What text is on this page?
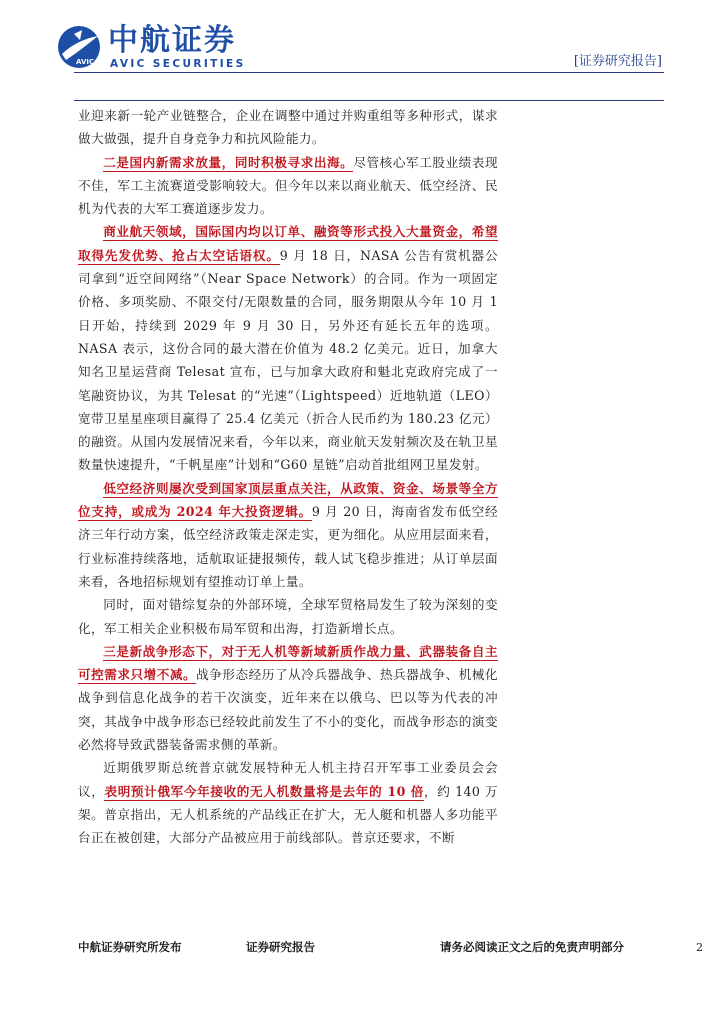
AVIC
中航证券
AVIC SECURITIES	[证券研究报告]

业迎来新一轮产业链整合，企业在调整中通过并购重组等多种形式，谋求做大做强，提升自身竞争力和抗风险能力。

二是国内新需求放量，同时积极寻求出海。尽管核心军工股业绩表现不佳，军工主流赛道受影响较大。但今年以来以商业航天、低空经济、民机为代表的大军工赛道逐步发力。

商业航天领域，国际国内均以订单、融资等形式投入大量资金，希望取得先发优势、抢占太空话语权。9 月 18 日，NASA 公告有赏机器公司拿到“近空间网络”（Near Space Network）的合同。作为一项固定价格、多项奖励、不限交付/无限数量的合同，服务期限从今年 10 月 1 日开始，持续到 2029 年 9 月 30 日，另外还有延长五年的选项。NASA 表示，这份合同的最大潜在价值为 48.2 亿美元。近日，加拿大知名卫星运营商 Telesat 宣布，已与加拿大政府和魁北克政府完成了一笔融资协议，为其 Telesat 的“光速”（Lightspeed）近地轨道（LEO）宽带卫星星座项目赢得了 25.4 亿美元（折合人民币约为 180.23 亿元）的融资。从国内发展情况来看，今年以来，商业航天发射频次及在轨卫星数量快速提升，“千帆星座”计划和“G60 星链”启动首批组网卫星发射。

低空经济则屡次受到国家顶层重点关注，从政策、资金、场景等全方位支持，或成为 2024 年大投资逻辑。9 月 20 日，海南省发布低空经济三年行动方案，低空经济政策走深走实，更为细化。从应用层面来看，行业标准持续落地，适航取证捷报频传，载人试飞稳步推进；从订单层面来看，各地招标规划有望推动订单上量。

同时，面对错综复杂的外部环境，全球军贸格局发生了较为深刻的变化，军工相关企业积极布局军贸和出海，打造新增长点。

三是新战争形态下，对于无人机等新域新质作战力量、武器装备自主可控需求只增不减。战争形态经历了从冷兵器战争、热兵器战争、机械化战争到信息化战争的若干次演变，近年来在以俄乌、巴以等为代表的冲突，其战争中战争形态已经较此前发生了不小的变化，而战争形态的演变必然将导致武器装备需求侧的革新。

近期俄罗斯总统普京就发展特种无人机主持召开军事工业委员会会议，表明预计俄军今年接收的无人机数量将是去年的 10 倍，约 140 万架。普京指出，无人机系统的产品线正在扩大，无人艇和机器人多功能平台正在被创建，大部分产品被应用于前线部队。普京还要求，不断

中航证券研究所发布	证券研究报告	请务必阅读正文之后的免责声明部分	2
